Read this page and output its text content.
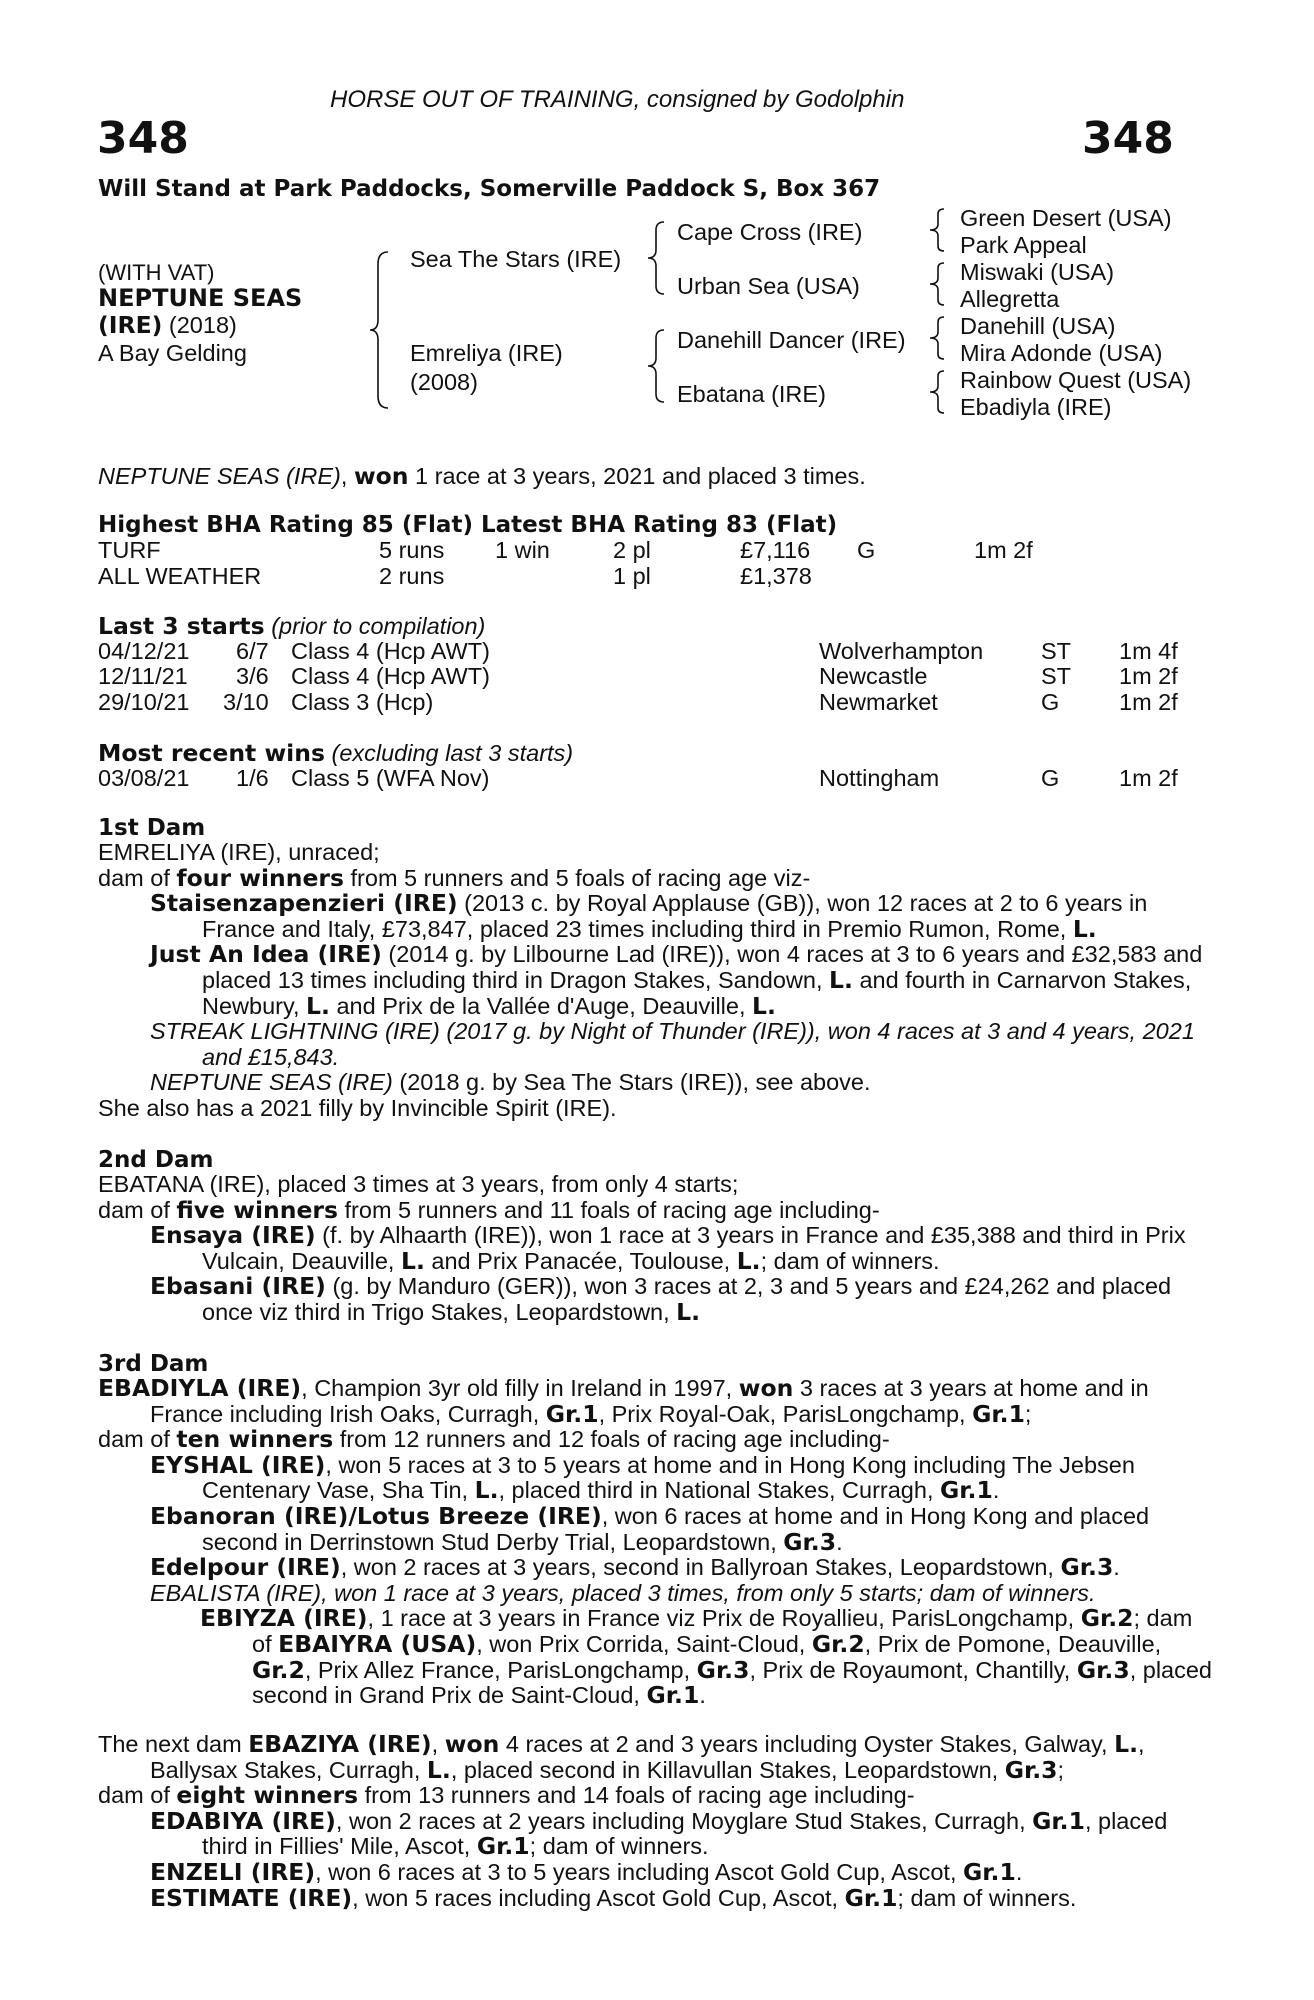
HORSE OUT OF TRAINING, consigned by Godolphin
348	348
Will Stand at Park Paddocks, Somerville Paddock S, Box 367
(WITH VAT)
NEPTUNE SEAS
(IRE) (2018)
A Bay Gelding
Sea The Stars (IRE)
Emreliya (IRE)
(2008)
Cape Cross (IRE)
Urban Sea (USA)
Danehill Dancer (IRE)
Ebatana (IRE)
Green Desert (USA)
Park Appeal
Miswaki (USA)
Allegretta
Danehill (USA)
Mira Adonde (USA)
Rainbow Quest (USA)
Ebadiyla (IRE)
NEPTUNE SEAS (IRE), won 1 race at 3 years, 2021 and placed 3 times.
Highest BHA Rating 85 (Flat) Latest BHA Rating 83 (Flat)
TURF	5 runs 1 win	2 pl	£7,116 G	1m 2f
ALL WEATHER	2 runs	1 pl	£1,378
Last 3 starts (prior to compilation)
04/12/21 6/7 Class 4 (Hcp AWT)	Wolverhampton ST 1m 4f
12/11/21 3/6 Class 4 (Hcp AWT)	Newcastle	ST 1m 2f
29/10/21 3/10 Class 3 (Hcp)	Newmarket	G	1m 2f
Most recent wins (excluding last 3 starts)
03/08/21 1/6 Class 5 (WFA Nov)	Nottingham	G	1m 2f
1st Dam
EMRELIYA (IRE), unraced;
dam of four winners from 5 runners and 5 foals of racing age viz-
Staisenzapenzieri (IRE) (2013 c. by Royal Applause (GB)), won 12 races at 2 to 6 years in France and Italy, £73,847, placed 23 times including third in Premio Rumon, Rome, L.
Just An Idea (IRE) (2014 g. by Lilbourne Lad (IRE)), won 4 races at 3 to 6 years and £32,583 and placed 13 times including third in Dragon Stakes, Sandown, L. and fourth in Carnarvon Stakes, Newbury, L. and Prix de la Vallée d'Auge, Deauville, L.
STREAK LIGHTNING (IRE) (2017 g. by Night of Thunder (IRE)), won 4 races at 3 and 4 years, 2021 and £15,843.
NEPTUNE SEAS (IRE) (2018 g. by Sea The Stars (IRE)), see above.
She also has a 2021 filly by Invincible Spirit (IRE).
2nd Dam
EBATANA (IRE), placed 3 times at 3 years, from only 4 starts;
dam of five winners from 5 runners and 11 foals of racing age including-
Ensaya (IRE) (f. by Alhaarth (IRE)), won 1 race at 3 years in France and £35,388 and third in Prix Vulcain, Deauville, L. and Prix Panacée, Toulouse, L.; dam of winners.
Ebasani (IRE) (g. by Manduro (GER)), won 3 races at 2, 3 and 5 years and £24,262 and placed once viz third in Trigo Stakes, Leopardstown, L.
3rd Dam
EBADIYLA (IRE), Champion 3yr old filly in Ireland in 1997, won 3 races at 3 years at home and in France including Irish Oaks, Curragh, Gr.1, Prix Royal-Oak, ParisLongchamp, Gr.1;
dam of ten winners from 12 runners and 12 foals of racing age including-
EYSHAL (IRE), won 5 races at 3 to 5 years at home and in Hong Kong including The Jebsen Centenary Vase, Sha Tin, L., placed third in National Stakes, Curragh, Gr.1.
Ebanoran (IRE)/Lotus Breeze (IRE), won 6 races at home and in Hong Kong and placed second in Derrinstown Stud Derby Trial, Leopardstown, Gr.3.
Edelpour (IRE), won 2 races at 3 years, second in Ballyroan Stakes, Leopardstown, Gr.3.
EBALISTA (IRE), won 1 race at 3 years, placed 3 times, from only 5 starts; dam of winners.
EBIYZA (IRE), 1 race at 3 years in France viz Prix de Royallieu, ParisLongchamp, Gr.2; dam of EBAIYRA (USA), won Prix Corrida, Saint-Cloud, Gr.2, Prix de Pomone, Deauville, Gr.2, Prix Allez France, ParisLongchamp, Gr.3, Prix de Royaumont, Chantilly, Gr.3, placed second in Grand Prix de Saint-Cloud, Gr.1.
The next dam EBAZIYA (IRE), won 4 races at 2 and 3 years including Oyster Stakes, Galway, L., Ballysax Stakes, Curragh, L., placed second in Killavullan Stakes, Leopardstown, Gr.3;
dam of eight winners from 13 runners and 14 foals of racing age including-
EDABIYA (IRE), won 2 races at 2 years including Moyglare Stud Stakes, Curragh, Gr.1, placed third in Fillies' Mile, Ascot, Gr.1; dam of winners.
ENZELI (IRE), won 6 races at 3 to 5 years including Ascot Gold Cup, Ascot, Gr.1.
ESTIMATE (IRE), won 5 races including Ascot Gold Cup, Ascot, Gr.1; dam of winners.
